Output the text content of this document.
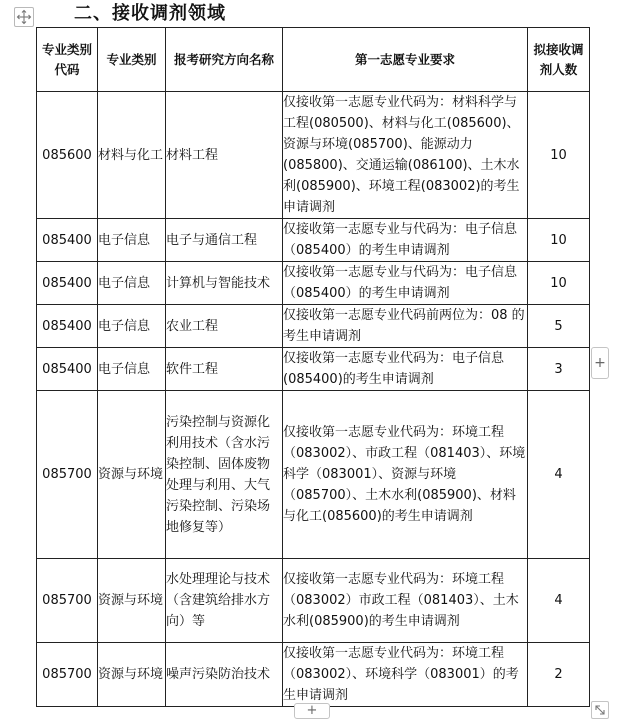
二、接收调剂领域
专业类别代码	专业类别	报考研究方向名称	第一志愿专业要求	拟接收调剂人数

085600	材料与化工	材料工程	仅接收第一志愿专业代码为：材料科学与工程(080500)、材料与化工(085600)、资源与环境(085700)、能源动力(085800)、交通运输(086100)、土木水利(085900)、环境工程(083002)的考生申请调剂	10
085400	电子信息	电子与通信工程	仅接收第一志愿专业与代码为：电子信息（085400）的考生申请调剂	10
085400	电子信息	计算机与智能技术	仅接收第一志愿专业与代码为：电子信息（085400）的考生申请调剂	10
085400	电子信息	农业工程	仅接收第一志愿专业代码前两位为：08 的考生申请调剂	5
085400	电子信息	软件工程	仅接收第一志愿专业代码为：电子信息(085400)的考生申请调剂	3
085700	资源与环境	污染控制与资源化利用技术（含水污染控制、固体废物处理与利用、大气污染控制、污染场地修复等）	仅接收第一志愿专业代码为：环境工程（083002）、市政工程（081403）、环境科学（083001）、资源与环境（085700）、土木水利(085900)、材料与化工(085600)的考生申请调剂	4
085700	资源与环境	水处理理论与技术（含建筑给排水方向）等	仅接收第一志愿专业代码为：环境工程（083002）市政工程（081403）、土木水利(085900)的考生申请调剂	4
085700	资源与环境	噪声污染防治技术	仅接收第一志愿专业代码为：环境工程（083002）、环境科学（083001）的考生申请调剂	2
+
+
